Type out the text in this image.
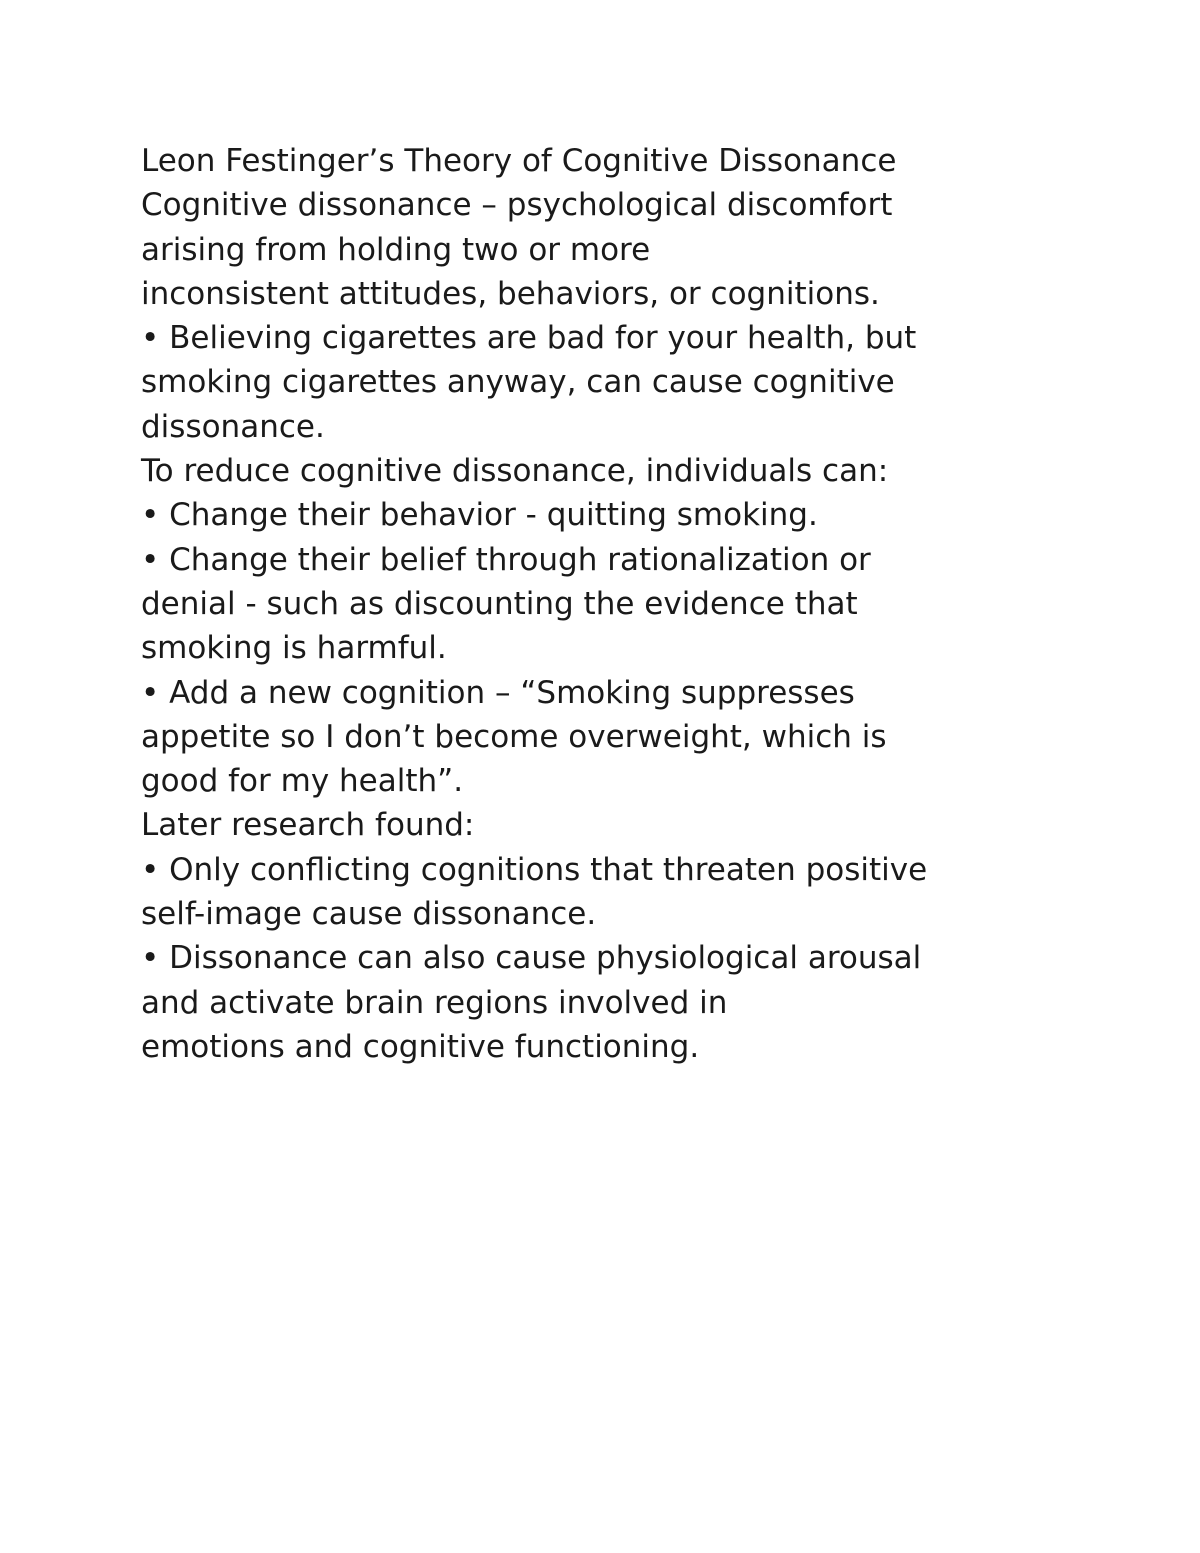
Leon Festinger’s Theory of Cognitive Dissonance
Cognitive dissonance – psychological discomfort
arising from holding two or more
inconsistent attitudes, behaviors, or cognitions.
• Believing cigarettes are bad for your health, but
smoking cigarettes anyway, can cause cognitive
dissonance.
To reduce cognitive dissonance, individuals can:
• Change their behavior - quitting smoking.
• Change their belief through rationalization or
denial - such as discounting the evidence that
smoking is harmful.
• Add a new cognition – “Smoking suppresses
appetite so I don’t become overweight, which is
good for my health”.
Later research found:
• Only conflicting cognitions that threaten positive
self-image cause dissonance.
• Dissonance can also cause physiological arousal
and activate brain regions involved in
emotions and cognitive functioning.
